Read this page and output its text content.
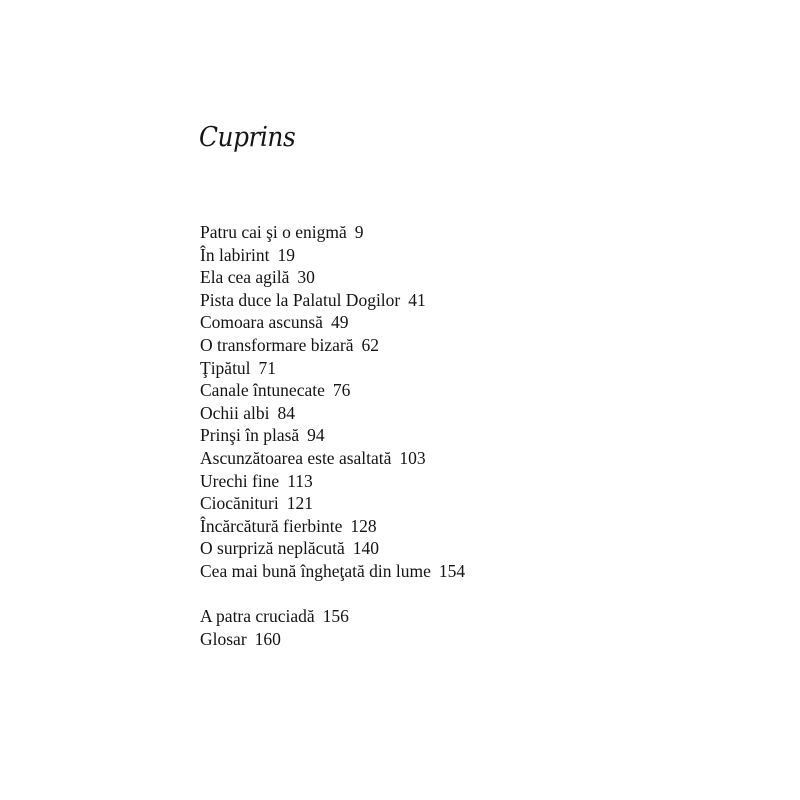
Cuprins
Patru cai şi o enigmă 9
În labirint 19
Ela cea agilă 30
Pista duce la Palatul Dogilor 41
Comoara ascunsă 49
O transformare bizară 62
Ţipătul 71
Canale întunecate 76
Ochii albi 84
Prinşi în plasă 94
Ascunzătoarea este asaltată 103
Urechi fine 113
Ciocănituri 121
Încărcătură fierbinte 128
O surpriză neplăcută 140
Cea mai bună îngheţată din lume 154
A patra cruciadă 156
Glosar 160
